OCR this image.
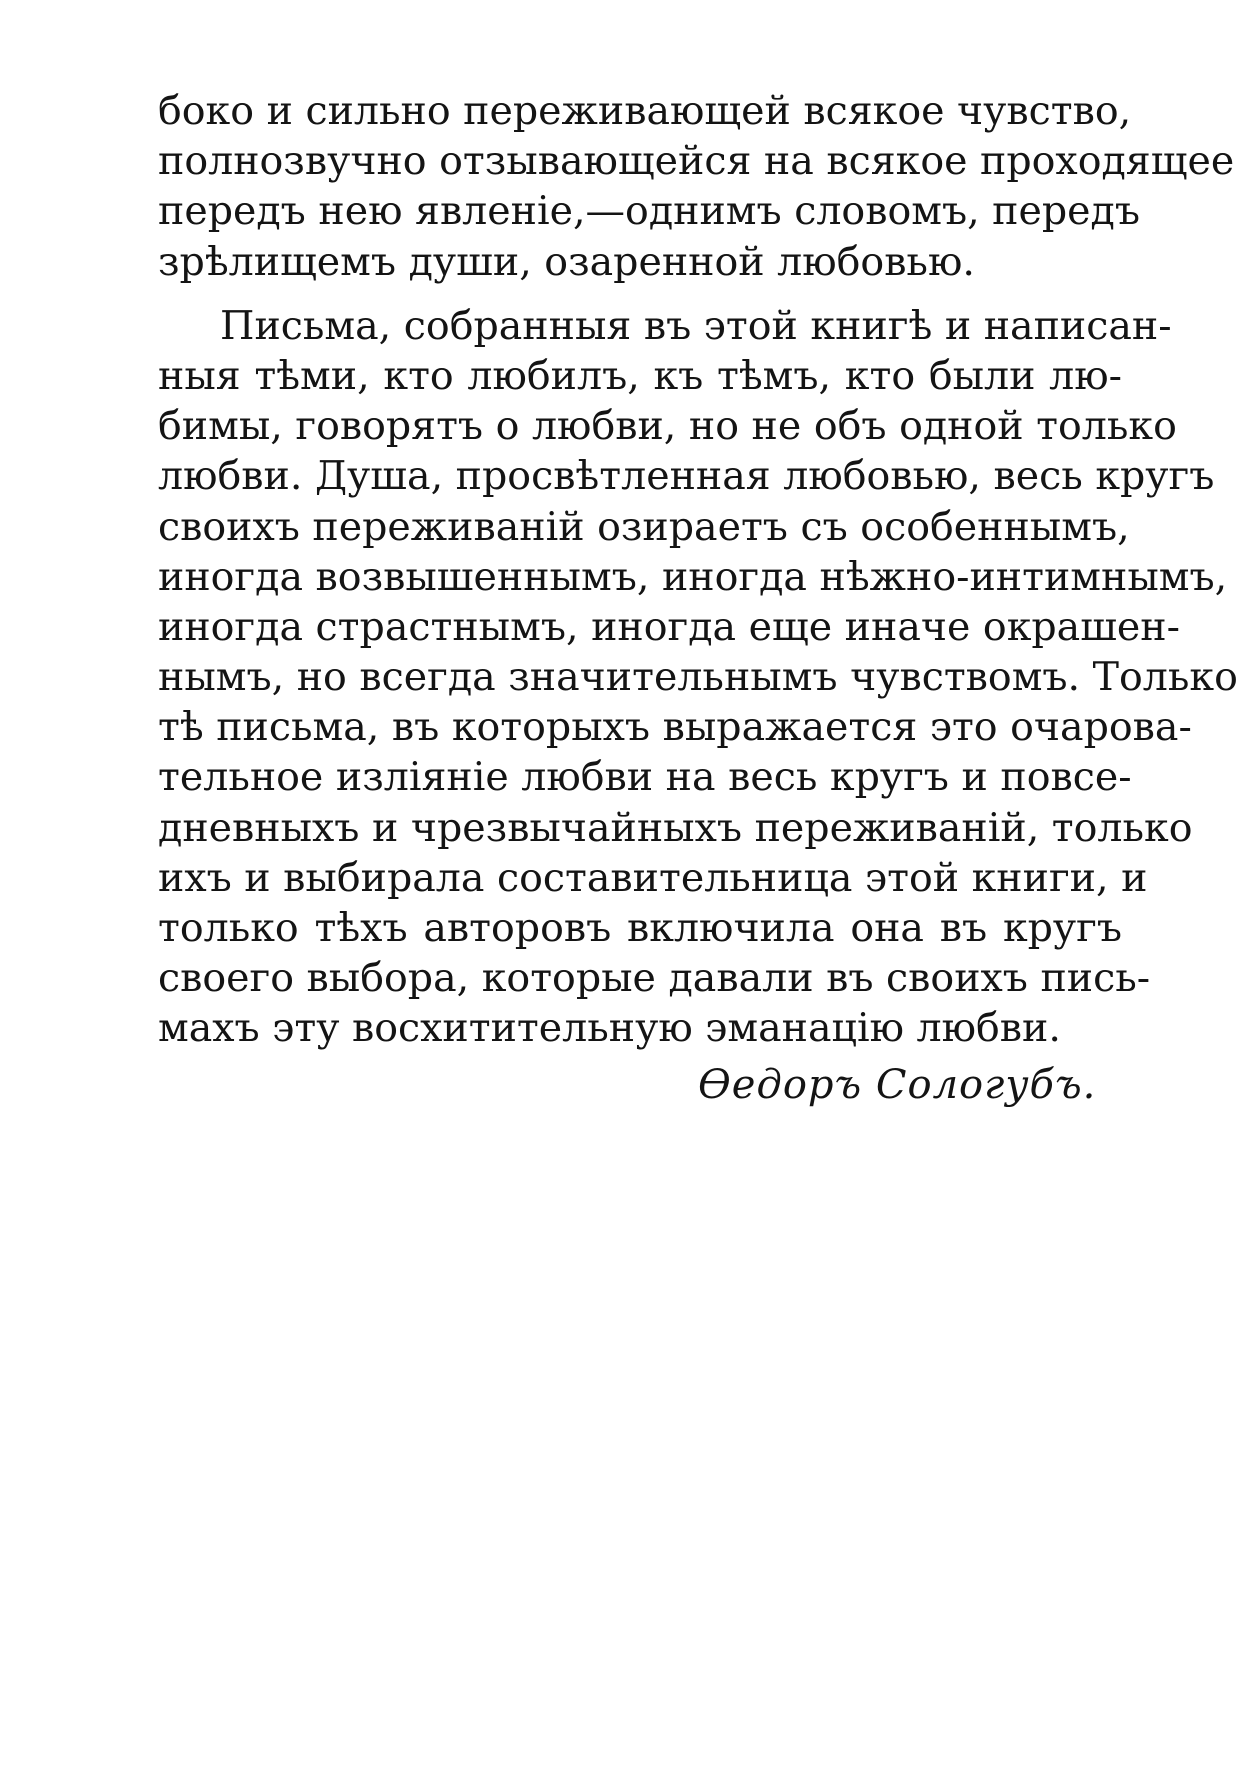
боко и сильно переживающей всякое чувство,
полнозвучно отзывающейся на всякое проходящее
передъ нею явленіе,—однимъ словомъ, передъ
зрѣлищемъ души, озаренной любовью.
Письма, собранныя въ этой книгѣ и написан-
ныя тѣми, кто любилъ, къ тѣмъ, кто были лю-
бимы, говорятъ о любви, но не объ одной только
любви. Душа, просвѣтленная любовью, весь кругъ
своихъ переживаній озираетъ съ особеннымъ,
иногда возвышеннымъ, иногда нѣжно-интимнымъ,
иногда страстнымъ, иногда еще иначе окрашен-
нымъ, но всегда значительнымъ чувствомъ. Только
тѣ письма, въ которыхъ выражается это очарова-
тельное изліяніе любви на весь кругъ и повсе-
дневныхъ и чрезвычайныхъ переживаній, только
ихъ и выбирала составительница этой книги, и
только тѣхъ авторовъ включила она въ кругъ
своего выбора, которые давали въ своихъ пись-
махъ эту восхитительную эманацію любви.
Өедоръ Сологубъ.
